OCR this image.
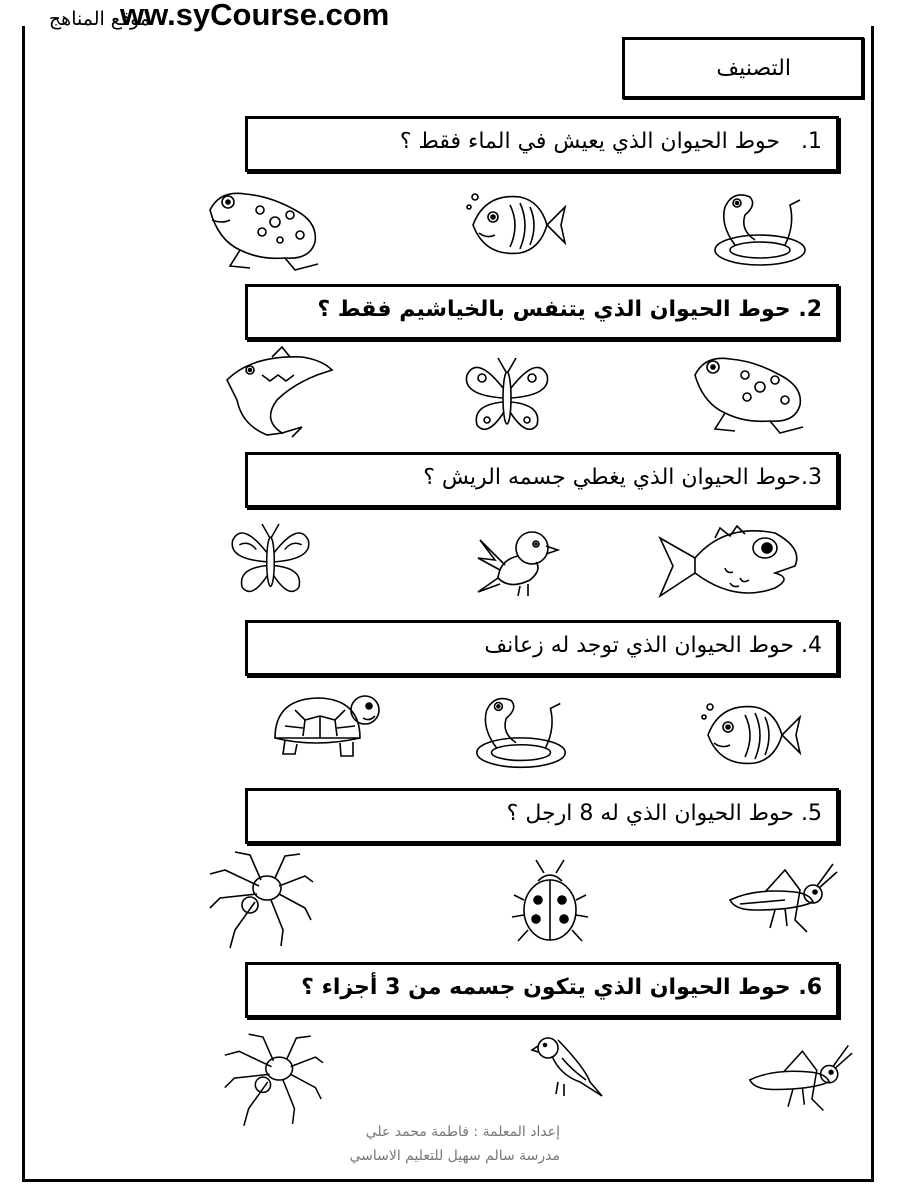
ww.syCourse.com
موقع المناهج
التصنيف
1.   حوط الحيوان الذي يعيش في الماء فقط ؟
2. حوط الحيوان الذي يتنفس بالخياشيم فقط ؟
3.حوط الحيوان الذي يغطي جسمه الريش ؟
4. حوط الحيوان الذي توجد له زعانف
5. حوط الحيوان الذي له 8 ارجل ؟
6. حوط الحيوان الذي يتكون جسمه من 3 أجزاء ؟
إعداد المعلمة : فاطمة محمد علي
مدرسة سالم سهيل للتعليم الاساسي
